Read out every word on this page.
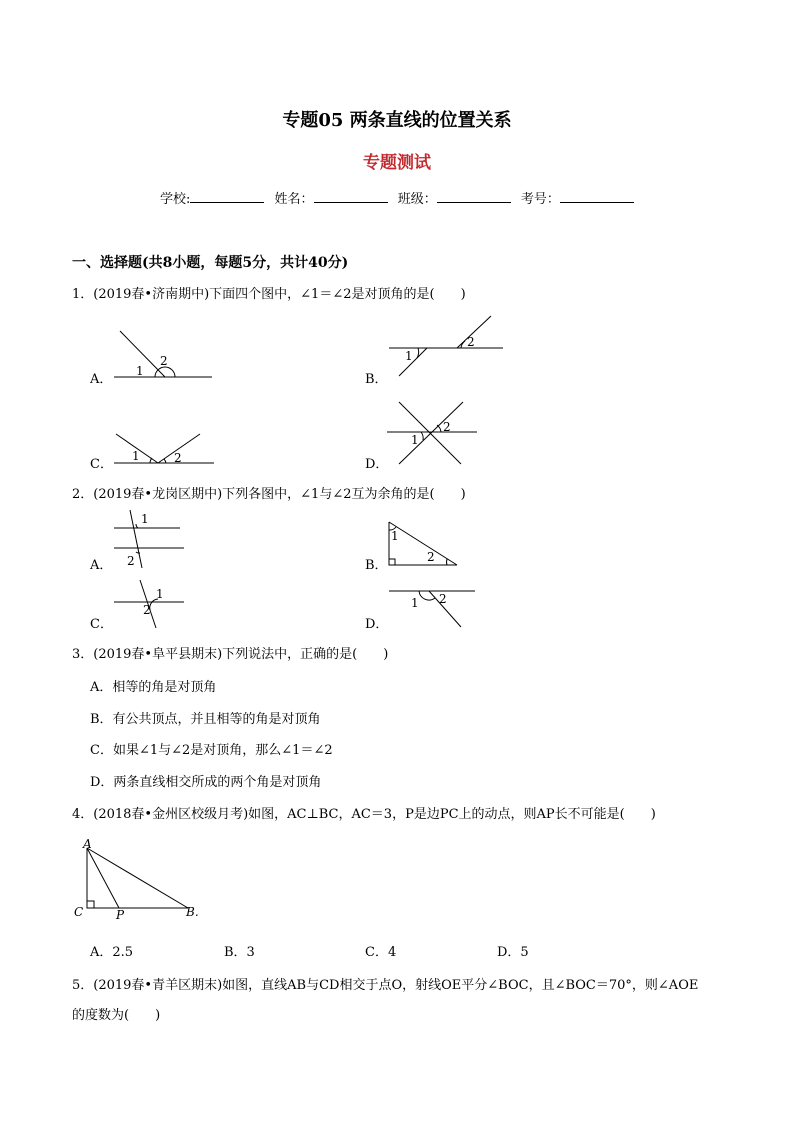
专题05 两条直线的位置关系
专题测试
学校:	姓名：	班级：	考号：
一、选择题(共8小题，每题5分，共计40分)
1．(2019春•济南期中)下面四个图中，∠1＝∠2是对顶角的是(　　)
A．
1
2
B．
1
2
C．
1	2	D．
1
2
2．(2019春•龙岗区期中)下列各图中，∠1与∠2互为余角的是(　　)
A．
1
2	B．
1
2
C．
1
2
D．
1 2
3．(2019春•阜平县期末)下列说法中，正确的是(　　)
A．相等的角是对顶角
B．有公共顶点，并且相等的角是对顶角
C．如果∠1与∠2是对顶角，那么∠1＝∠2
D．两条直线相交所成的两个角是对顶角
4．(2018春•金州区校级月考)如图，AC⊥BC，AC＝3，P是边PC上的动点，则AP长不可能是(　　)
A
C	P	B.
A．2.5	B．3	C．4	D．5
5．(2019春•青羊区期末)如图，直线AB与CD相交于点O，射线OE平分∠BOC，且∠BOC＝70°，则∠AOE
的度数为(　　)
